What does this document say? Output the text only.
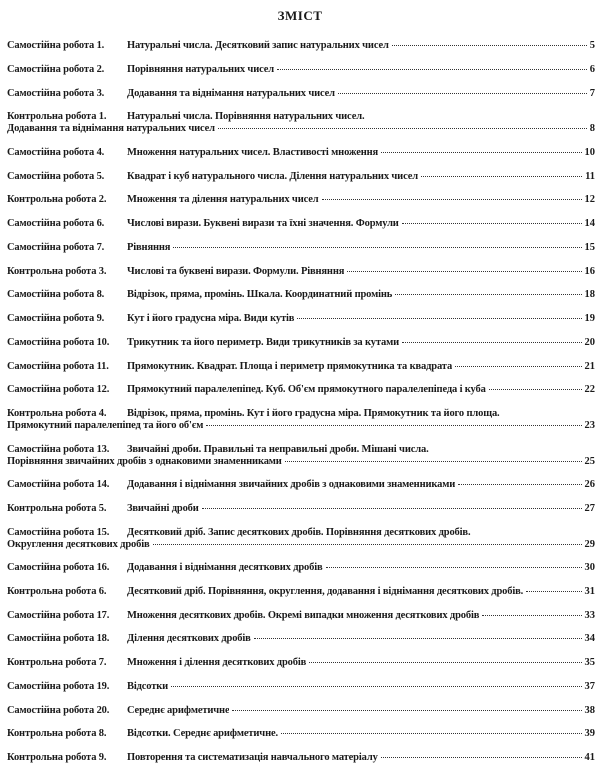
ЗМІСТ
Самостійна робота 1.	Натуральні числа. Десятковий запис натуральних чисел	5
Самостійна робота 2.	Порівняння натуральних чисел	6
Самостійна робота 3.	Додавання та віднімання натуральних чисел	7
Контрольна робота 1.	Натуральні числа. Порівняння натуральних чисел.
Додавання та віднімання натуральних чисел	8
Самостійна робота 4.	Множення натуральних чисел. Властивості множення	10
Самостійна робота 5.	Квадрат і куб натурального числа. Ділення натуральних чисел	11
Контрольна робота 2.	Множення та ділення натуральних чисел	12
Самостійна робота 6.	Числові вирази. Буквені вирази та їхні значення. Формули	14
Самостійна робота 7.	Рівняння	15
Контрольна робота 3.	Числові та буквені вирази. Формули. Рівняння	16
Самостійна робота 8.	Відрізок, пряма, промінь. Шкала. Координатний промінь	18
Самостійна робота 9.	Кут і його градусна міра. Види кутів	19
Самостійна робота 10.	Трикутник та його периметр. Види трикутників за кутами	20
Самостійна робота 11.	Прямокутник. Квадрат. Площа і периметр прямокутника та квадрата	21
Самостійна робота 12.	Прямокутний паралелепіпед. Куб. Об'єм прямокутного паралелепіпеда і куба	22
Контрольна робота 4.	Відрізок, пряма, промінь. Кут і його градусна міра. Прямокутник та його площа.
Прямокутний паралелепіпед та його об'єм	23
Самостійна робота 13.	Звичайні дроби. Правильні та неправильні дроби. Мішані числа.
Порівняння звичайних дробів з однаковими знаменниками	25
Самостійна робота 14.	Додавання і віднімання звичайних дробів з однаковими знаменниками	26
Контрольна робота 5.	Звичайні дроби	27
Самостійна робота 15.	Десятковий дріб. Запис десяткових дробів. Порівняння десяткових дробів.
Округлення десяткових дробів	29
Самостійна робота 16.	Додавання і віднімання десяткових дробів	30
Контрольна робота 6.	Десятковий дріб. Порівняння, округлення, додавання і віднімання десяткових дробів.	31
Самостійна робота 17.	Множення десяткових дробів. Окремі випадки множення десяткових дробів	33
Самостійна робота 18.	Ділення десяткових дробів	34
Контрольна робота 7.	Множення і ділення десяткових дробів	35
Самостійна робота 19.	Відсотки	37
Самостійна робота 20.	Середнє арифметичне	38
Контрольна робота 8.	Відсотки. Середнє арифметичне.	39
Контрольна робота 9.	Повторення та систематизація навчального матеріалу	41
